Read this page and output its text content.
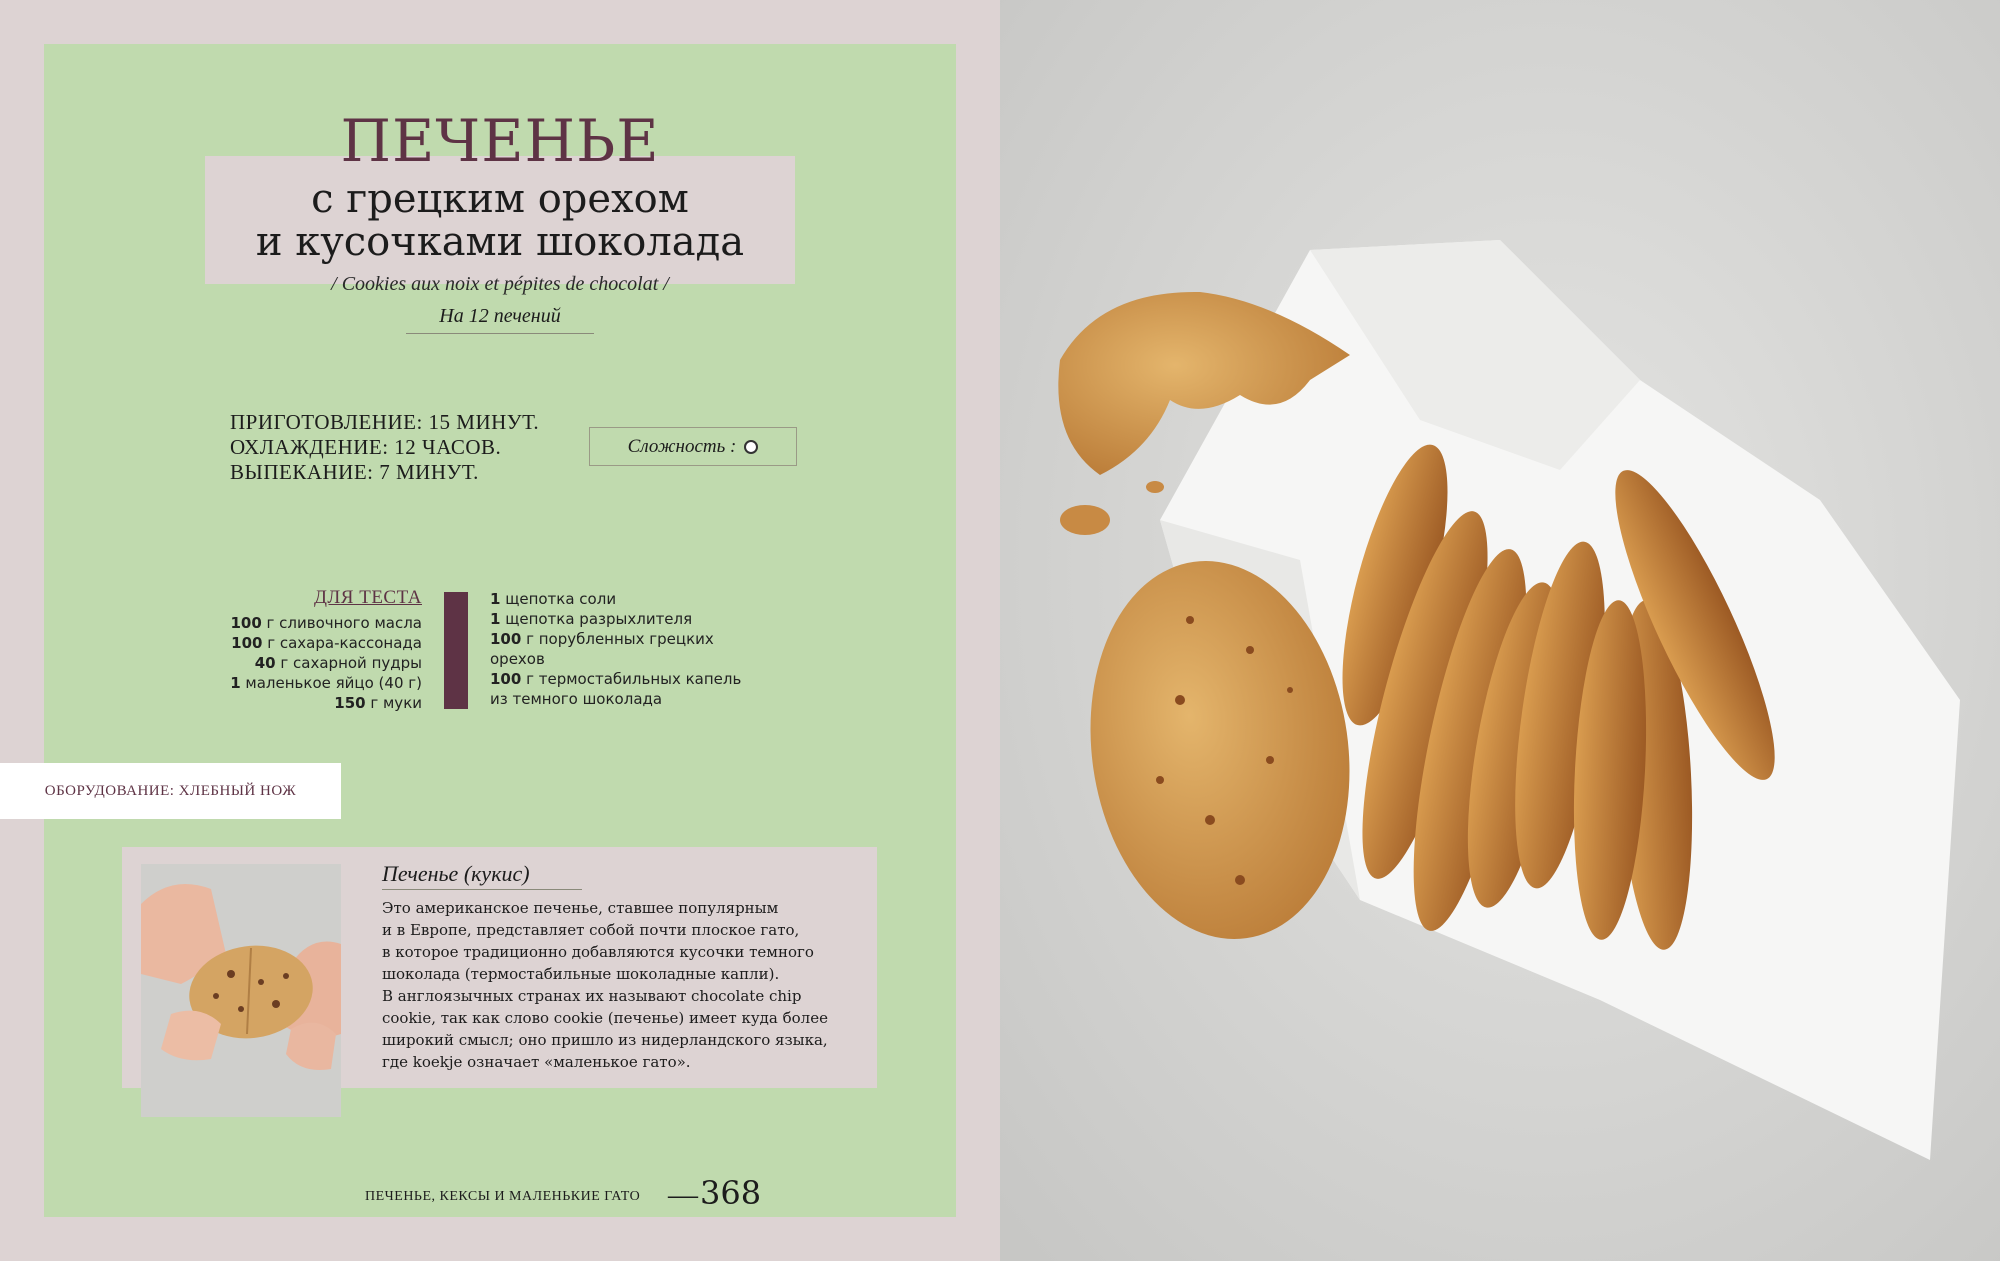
ПЕЧЕНЬЕ
с грецким орехом
и кусочками шоколада
/ Cookies aux noix et pépites de chocolat /
На 12 печений
ПРИГОТОВЛЕНИЕ: 15 МИНУТ.
ОХЛАЖДЕНИЕ: 12 ЧАСОВ.
ВЫПЕКАНИЕ: 7 МИНУТ.
Сложность :
ДЛЯ ТЕСТА
100 г сливочного масла
100 г сахара-кассонада
40 г сахарной пудры
1 маленькое яйцо (40 г)
150 г муки
1 щепотка соли
1 щепотка разрыхлителя
100 г порубленных грецких орехов
100 г термостабильных капель из темного шоколада
ОБОРУДОВАНИЕ: ХЛЕБНЫЙ НОЖ
Печенье (кукис)
Это американское печенье, ставшее популярным
и в Европе, представляет собой почти плоское гато,
в которое традиционно добавляются кусочки темного
шоколада (термостабильные шоколадные капли).
В англоязычных странах их называют chocolate chip
cookie, так как слово cookie (печенье) имеет куда более
широкий смысл; оно пришло из нидерландского языка,
где koekje означает «маленькое гато».
ПЕЧЕНЬЕ, КЕКСЫ И МАЛЕНЬКИЕ ГАТО — 368
